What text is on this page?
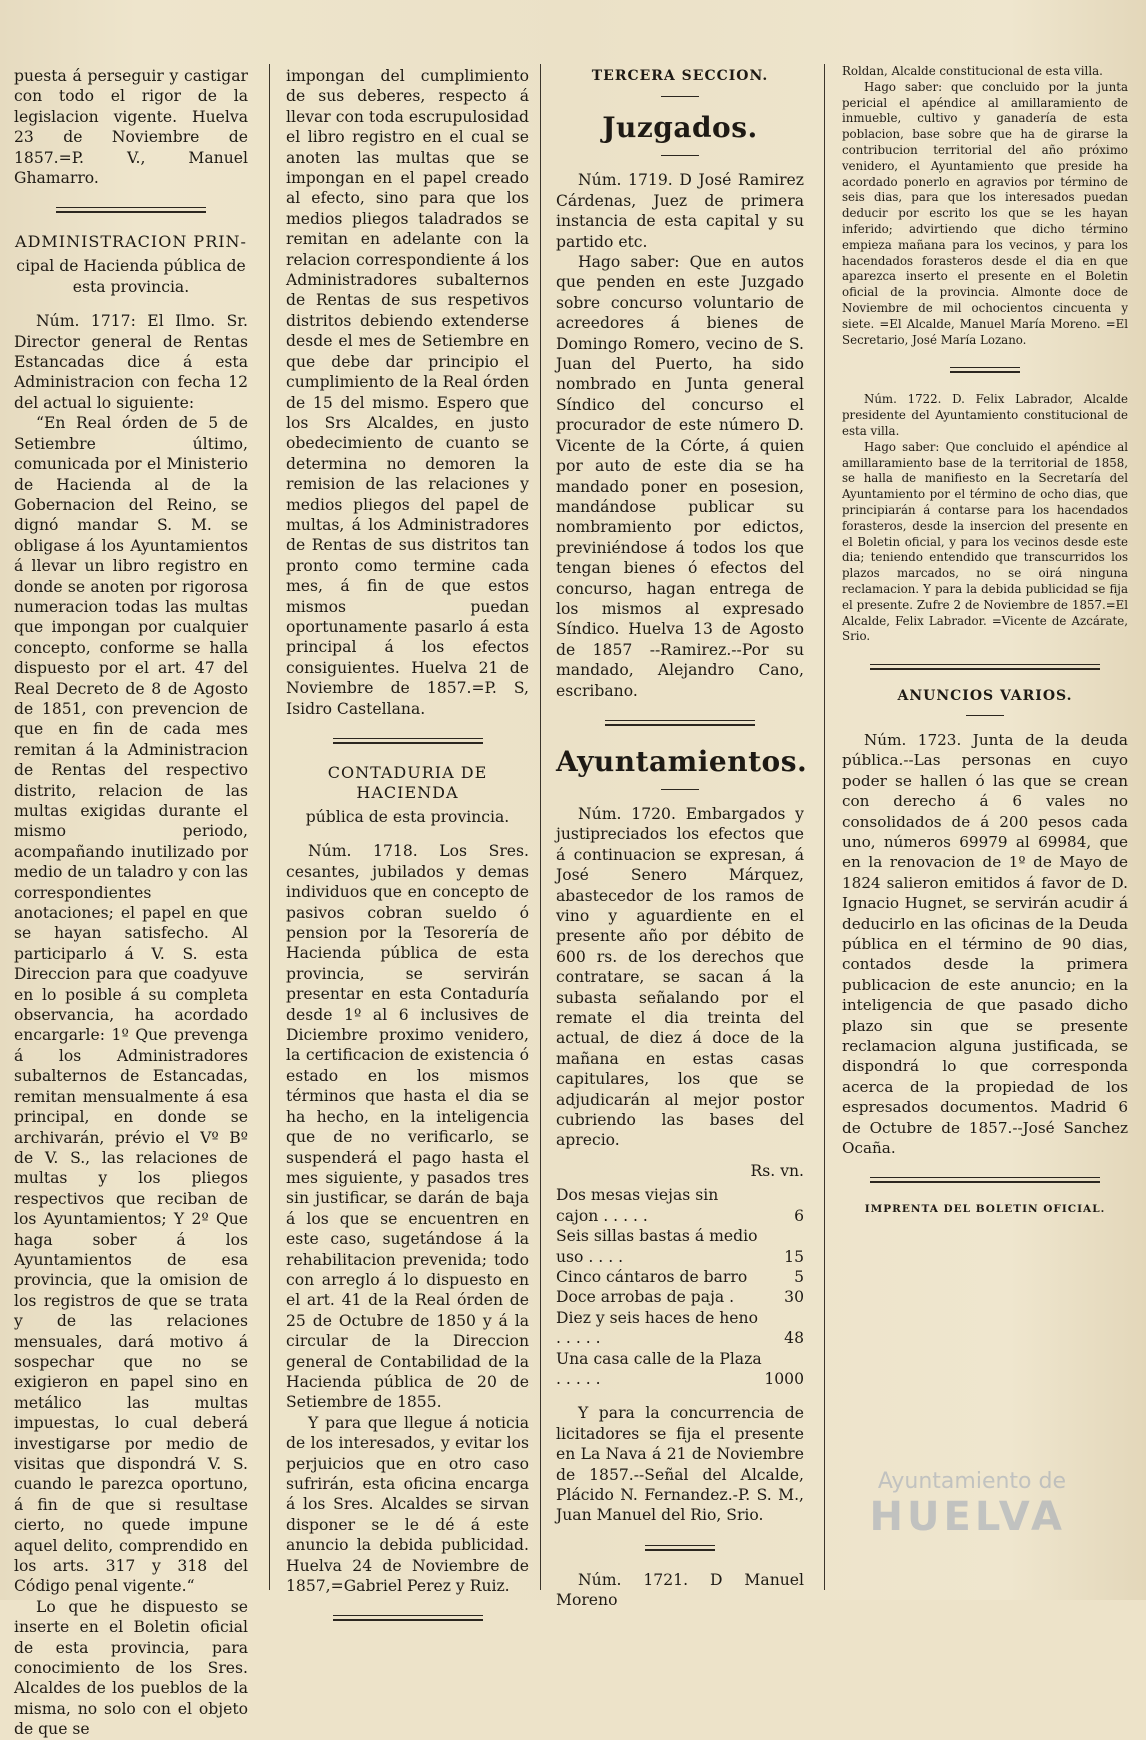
puesta á perseguir y castigar con todo el rigor de la legislacion vigente. Huelva 23 de Noviembre de 1857.=P. V., Manuel Ghamarro.

ADMINISTRACION PRIN-
cipal de Hacienda pública de esta provincia.

Núm. 1717: El Ilmo. Sr. Director general de Rentas Estancadas dice á esta Administracion con fecha 12 del actual lo siguiente:

“En Real órden de 5 de Setiembre último, comunicada por el Ministerio de Hacienda al de la Gobernacion del Reino, se dignó mandar S. M. se obligase á los Ayuntamientos á llevar un libro registro en donde se anoten por rigorosa numeracion todas las multas que impongan por cualquier concepto, conforme se halla dispuesto por el art. 47 del Real Decreto de 8 de Agosto de 1851, con prevencion de que en fin de cada mes remitan á la Administracion de Rentas del respectivo distrito, relacion de las multas exigidas durante el mismo periodo, acompañando inutilizado por medio de un taladro y con las correspondientes anotaciones; el papel en que se hayan satisfecho. Al participarlo á V. S. esta Direccion para que coadyuve en lo posible á su completa observancia, ha acordado encargarle: 1º Que prevenga á los Administradores subalternos de Estancadas, remitan mensualmente á esa principal, en donde se archivarán, prévio el Vº Bº de V. S., las relaciones de multas y los pliegos respectivos que reciban de los Ayuntamientos; Y 2º Que haga sober á los Ayuntamientos de esa provincia, que la omision de los registros de que se trata y de las relaciones mensuales, dará motivo á sospechar que no se exigieron en papel sino en metálico las multas impuestas, lo cual deberá investigarse por medio de visitas que dispondrá V. S. cuando le parezca oportuno, á fin de que si resultase cierto, no quede impune aquel delito, comprendido en los arts. 317 y 318 del Código penal vigente.“

Lo que he dispuesto se inserte en el Boletin oficial de esta provincia, para conocimiento de los Sres. Alcaldes de los pueblos de la misma, no solo con el objeto de que se

impongan del cumplimiento de sus deberes, respecto á llevar con toda escrupulosidad el libro registro en el cual se anoten las multas que se impongan en el papel creado al efecto, sino para que los medios pliegos taladrados se remitan en adelante con la relacion correspondiente á los Administradores subalternos de Rentas de sus respetivos distritos debiendo extenderse desde el mes de Setiembre en que debe dar principio el cumplimiento de la Real órden de 15 del mismo. Espero que los Srs Alcaldes, en justo obedecimiento de cuanto se determina no demoren la remision de las relaciones y medios pliegos del papel de multas, á los Administradores de Rentas de sus distritos tan pronto como termine cada mes, á fin de que estos mismos puedan oportunamente pasarlo á esta principal á los efectos consiguientes. Huelva 21 de Noviembre de 1857.=P. S, Isidro Castellana.

CONTADURIA DE HACIENDA
pública de esta provincia.

Núm. 1718. Los Sres. cesantes, jubilados y demas individuos que en concepto de pasivos cobran sueldo ó pension por la Tesorería de Hacienda pública de esta provincia, se servirán presentar en esta Contaduría desde 1º al 6 inclusives de Diciembre proximo venidero, la certificacion de existencia ó estado en los mismos términos que hasta el dia se ha hecho, en la inteligencia que de no verificarlo, se suspenderá el pago hasta el mes siguiente, y pasados tres sin justificar, se darán de baja á los que se encuentren en este caso, sugetándose á la rehabilitacion prevenida; todo con arreglo á lo dispuesto en el art. 41 de la Real órden de 25 de Octubre de 1850 y á la circular de la Direccion general de Contabilidad de la Hacienda pública de 20 de Setiembre de 1855.

Y para que llegue á noticia de los interesados, y evitar los perjuicios que en otro caso sufrirán, esta oficina encarga á los Sres. Alcaldes se sirvan disponer se le dé á este anuncio la debida publicidad. Huelva 24 de Noviembre de 1857,=Gabriel Perez y Ruiz.

TERCERA SECCION.
Juzgados.

Núm. 1719. D José Ramirez Cárdenas, Juez de primera instancia de esta capital y su partido etc.

Hago saber: Que en autos que penden en este Juzgado sobre concurso voluntario de acreedores á bienes de Domingo Romero, vecino de S. Juan del Puerto, ha sido nombrado en Junta general Síndico del concurso el procurador de este número D. Vicente de la Córte, á quien por auto de este dia se ha mandado poner en posesion, mandándose publicar su nombramiento por edictos, previniéndose á todos los que tengan bienes ó efectos del concurso, hagan entrega de los mismos al expresado Síndico. Huelva 13 de Agosto de 1857 --Ramirez.--Por su mandado, Alejandro Cano, escribano.

Ayuntamientos.

Núm. 1720. Embargados y justipreciados los efectos que á continuacion se expresan, á José Senero Márquez, abastecedor de los ramos de vino y aguardiente en el presente año por débito de 600 rs. de los derechos que contratare, se sacan á la subasta señalando por el remate el dia treinta del actual, de diez á doce de la mañana en estas casas capitulares, los que se adjudicarán al mejor postor cubriendo las bases del aprecio.

Rs. vn.
Dos mesas viejas sin cajon . . . . .	6
Seis sillas bastas á medio uso . . . .	15
Cinco cántaros de barro	5
Doce arrobas de paja .	30
Diez y seis haces de heno . . . . .	48
Una casa calle de la Plaza . . . . .	1000

Y para la concurrencia de licitadores se fija el presente en La Nava á 21 de Noviembre de 1857.--Señal del Alcalde, Plácido N. Fernandez.-P. S. M., Juan Manuel del Rio, Srio.

Núm. 1721. D Manuel Moreno

Roldan, Alcalde constitucional de esta villa.

Hago saber: que concluido por la junta pericial el apéndice al amillaramiento de inmueble, cultivo y ganadería de esta poblacion, base sobre que ha de girarse la contribucion territorial del año próximo venidero, el Ayuntamiento que preside ha acordado ponerlo en agravios por término de seis dias, para que los interesados puedan deducir por escrito los que se les hayan inferido; advirtiendo que dicho término empieza mañana para los vecinos, y para los hacendados forasteros desde el dia en que aparezca inserto el presente en el Boletin oficial de la provincia. Almonte doce de Noviembre de mil ochocientos cincuenta y siete. =El Alcalde, Manuel María Moreno. =El Secretario, José María Lozano.

Núm. 1722. D. Felix Labrador, Alcalde presidente del Ayuntamiento constitucional de esta villa.

Hago saber: Que concluido el apéndice al amillaramiento base de la territorial de 1858, se halla de manifiesto en la Secretaría del Ayuntamiento por el término de ocho dias, que principiarán á contarse para los hacendados forasteros, desde la insercion del presente en el Boletin oficial, y para los vecinos desde este dia; teniendo entendido que transcurridos los plazos marcados, no se oirá ninguna reclamacion. Y para la debida publicidad se fija el presente. Zufre 2 de Noviembre de 1857.=El Alcalde, Felix Labrador. =Vicente de Azcárate, Srio.

ANUNCIOS VARIOS.

Núm. 1723. Junta de la deuda pública.--Las personas en cuyo poder se hallen ó las que se crean con derecho á 6 vales no consolidados de á 200 pesos cada uno, números 69979 al 69984, que en la renovacion de 1º de Mayo de 1824 salieron emitidos á favor de D. Ignacio Hugnet, se servirán acudir á deducirlo en las oficinas de la Deuda pública en el término de 90 dias, contados desde la primera publicacion de este anuncio; en la inteligencia de que pasado dicho plazo sin que se presente reclamacion alguna justificada, se dispondrá lo que corresponda acerca de la propiedad de los espresados documentos. Madrid 6 de Octubre de 1857.--José Sanchez Ocaña.

IMPRENTA DEL BOLETIN OFICIAL.
Ayuntamiento de
HUELVA
